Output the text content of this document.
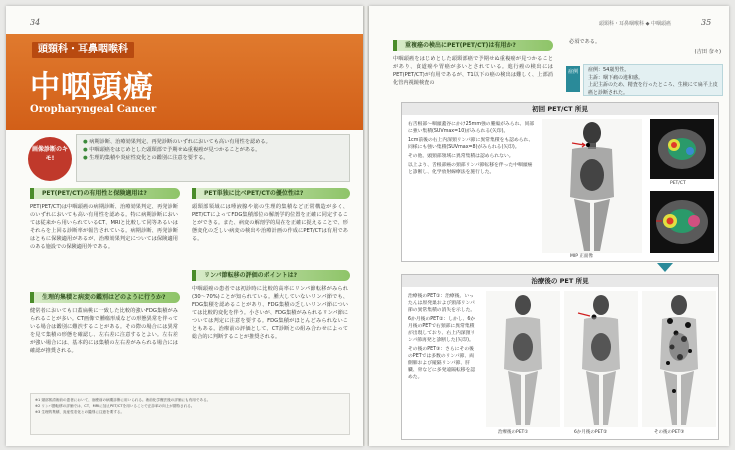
34
頭頸科・耳鼻咽喉科
中咽頭癌
Oropharyngeal Cancer
画像診断のキモ!
● 病期診断、治療効果判定、再発診断のいずれにおいても高い有用性を認める。
● 中咽頭癌をはじめとした頭頸部で予期せぬ重複癌が見つかることがある。
● 生理的集積や炎症性変化との鑑別に注意を要する。
PET(PET/CT)の有用性と保険適用は?
PET(PET/CT)は中咽頭癌の病期診断、治療効果判定、再発診断のいずれにおいても高い有用性を認める。特に病期診断においては従来から用いられているCT、MRIと比較して同等あるいはそれらを上回る診断率が報告されている。病期診断、再発診断はともに保険適用があるが、治療効果判定については保険適用のある施設での保険適用外である。
生理的集積と病変の鑑別はどのように行うか?
健常者においても口蓋扁桃に一致した比較的強いFDG集積がみられることが多い。CT画像で腫瘍形成などの形態異常を伴っている場合は鑑別に難渋することがある。その際の場合には異常を見て集積の形態を確認し、左右差に注意するとよい。左右差が強い場合には、基本的には集積の左右差がみられる場合には確認が推奨される。
PET単独に比べPET/CTの優位性は?
頭頸部領域には唾液腺や筋の生理的集積など正常構造が多く、PET/CTによってFDG集積部位の解剖学的位置を正確に同定することができる。また、病変の解剖学的局在を正確に捉えることで、形態変化の乏しい病変の検出や治療計画の作成にPET/CTは有用である。
リンパ節転移の評価のポイントは?
中咽頭癌の患者では初診時に比較的高率にリンパ節転移がみられ(30〜70%)ことが知られている。腫大していないリンパ節でも、FDG集積を認めることがあり、FDG集積の乏しいリンパ節については比較的変化を伴う。小さいが、FDG集積がみられるリンパ節については判定に注意を要する。FDG集積がほとんどみられないこともある。治療前の評価として、CT診断との組み合わせによって総合的に判断することが推奨される。
※1 頸部郭清術前の患者において、治療前の病期診断に用いられる。術前化学療法後の評価にも有用である。
※2 リンパ節転移の評価では、CT、MRIに加えPET/CTを用いることで正診率の向上が期待される。
※3 生理的集積、炎症性変化との鑑別に注意を要する。
頭頸科・耳鼻咽喉科 ◆ 中咽頭癌	35
重複癌の検出にPET(PET/CT)は有用か?
中咽頭癌をはじめとした頭頸部癌で予期せぬ重複癌が見つかることがあり、食道癌や胃癌が多いとされている。進行癌の検出にはPET(PET/CT)が有用であるが、T1以下の癌の検出は難しく、上部消化管内視鏡検査の
必須である。
(吉田 奈々)
症例	症例：54歳男性。
主訴：咽下痛の違和感。
上記主訴のため、精査を行ったところ、生検にて扁平上皮癌と診断された。
初回 PET/CT 所見
右舌根部〜咽頭蓋谷にかけ25mm強の腫瘍がみられ、同部に強い集積(SUVmax=10)がみられる(矢印)。
1cm前後の右上内深頸リンパ節に異常集積をも認められ、同様にも強い集積(SUVmax=8)がみられる(矢印)。
その他、頭頸部領域に異常集積は認められない。
以上より、舌根部癌の頸部リンパ節転移を伴った中咽頭癌と診断し、化学放射線療法を施行した。
MIP 正面像
PET/CT
治療後の PET 所見
治療後のPET①：治療後、いったんは原発巣および頸部リンパ節の異常集積の消失を示した。
6か月後のPET②：しかし、6か月後のPETで右頸部に異常集積が出現しており、右上内深頸リンパ節再発と診断した(矢印)。
その後のPET③：さらにその後のPETでは多数のリンパ節、両側肺および縦隔リンパ節、肝臓、骨などに多発遠隔転移を認めた。
治療後のPET①	6か月後のPET②	その後のPET③
